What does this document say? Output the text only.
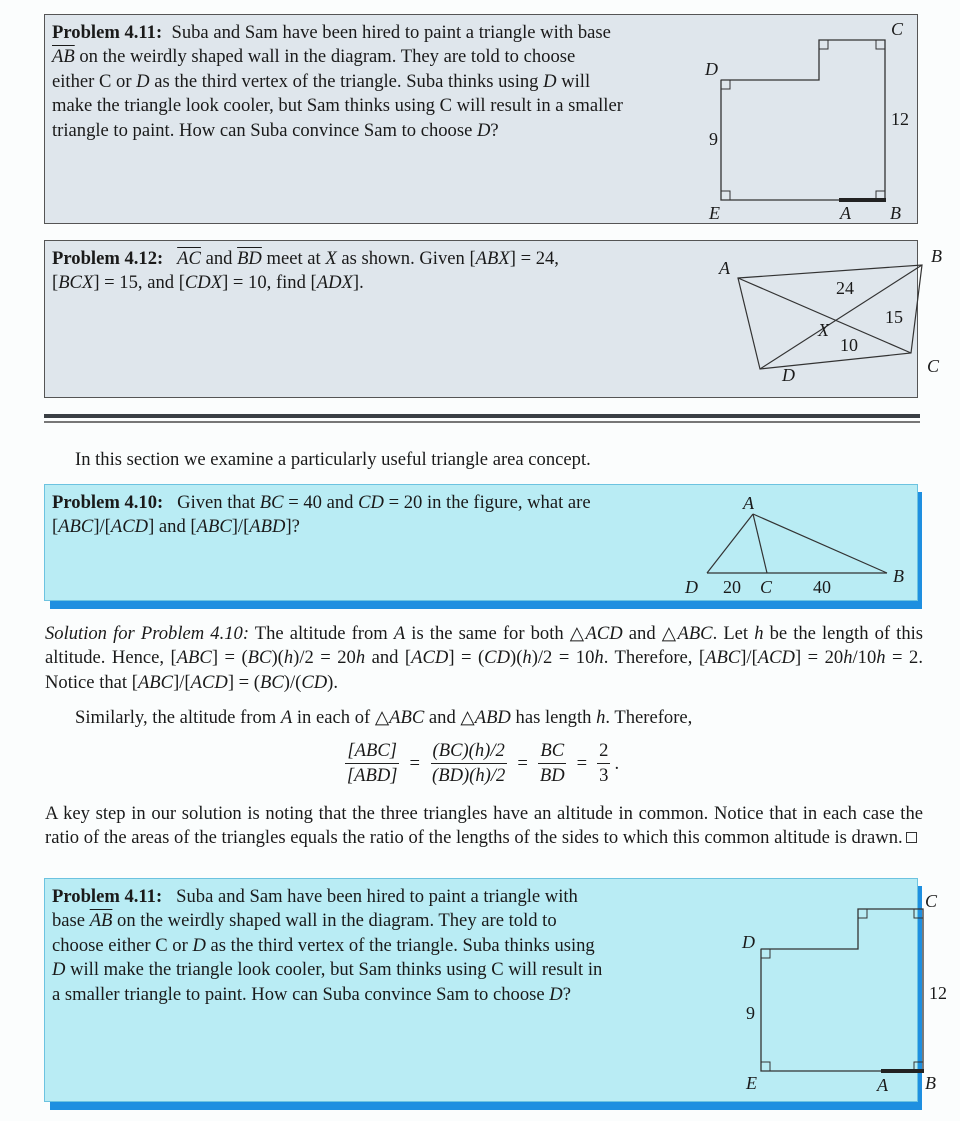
Problem 4.11: Suba and Sam have been hired to paint a triangle with base
$\overline{AB}$ on the weirdly shaped wall in the diagram. They are told to choose
either C or D as the third vertex of the triangle. Suba thinks using D will
make the triangle look cooler, but Sam thinks using C will result in a smaller
triangle to paint. How can Suba convince Sam to choose D?
C
D
9
12
E	A B
Problem 4.12: $\overline{AC}$ and $\overline{BD}$ meet at X as shown. Given [ABX] = 24,
[BCX] = 15, and [CDX] = 10, find [ADX].
A
B
C
D
X
24
15
10
In this section we examine a particularly useful triangle area concept.
Problem 4.10: Given that BC = 40 and CD = 20 in the figure, what are
[ABC]/[ACD] and [ABC]/[ABD]?
A
D 20 C 40
B
Solution for Problem 4.10: The altitude from A is the same for both △ACD and △ABC. Let h be the length of this altitude. Hence, [ABC] = (BC)(h)/2 = 20h and [ACD] = (CD)(h)/2 = 10h. Therefore, [ABC]/[ACD] = 20h/10h = 2. Notice that [ABC]/[ACD] = (BC)/(CD).
Similarly, the altitude from A in each of △ABC and △ABD has length h. Therefore,
$\frac{\text{[ABC]}}{\text{[ABD]}} = \frac{(BC)(h)/2}{(BD)(h)/2} = \frac{BC}{BD} = \frac{2}{3}$ .
A key step in our solution is noting that the three triangles have an altitude in common. Notice that in each case the ratio of the areas of the triangles equals the ratio of the lengths of the sides to which this common altitude is drawn.
Problem 4.11: Suba and Sam have been hired to paint a triangle with
base $\overline{AB}$ on the weirdly shaped wall in the diagram. They are told to
choose either C or D as the third vertex of the triangle. Suba thinks using
D will make the triangle look cooler, but Sam thinks using C will result in
a smaller triangle to paint. How can Suba convince Sam to choose D?
C
D
9
12
E	A B
